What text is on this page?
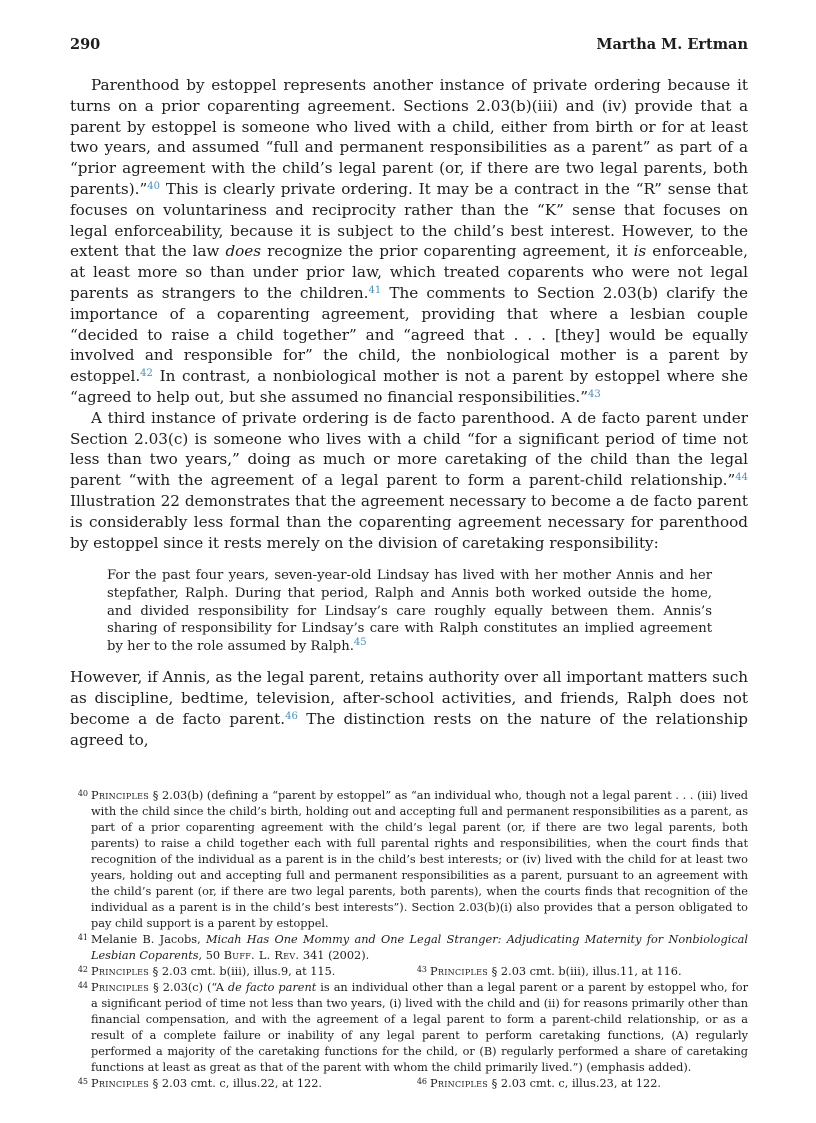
290	Martha M. Ertman

Parenthood by estoppel represents another instance of private ordering because it turns on a prior coparenting agreement. Sections 2.03(b)(iii) and (iv) provide that a parent by estoppel is someone who lived with a child, either from birth or for at least two years, and assumed “full and permanent responsibilities as a parent” as part of a “prior agreement with the child’s legal parent (or, if there are two legal parents, both parents).”$^{40}$ This is clearly private ordering. It may be a contract in the “R” sense that focuses on voluntariness and reciprocity rather than the “K” sense that focuses on legal enforceability, because it is subject to the child’s best interest. However, to the extent that the law does recognize the prior coparenting agreement, it is enforceable, at least more so than under prior law, which treated coparents who were not legal parents as strangers to the children.$^{41}$ The comments to Section 2.03(b) clarify the importance of a coparenting agreement, providing that where a lesbian couple “decided to raise a child together” and “agreed that . . . [they] would be equally involved and responsible for” the child, the nonbiological mother is a parent by estoppel.$^{42}$ In contrast, a nonbiological mother is not a parent by estoppel where she “agreed to help out, but she assumed no financial responsibilities.”$^{43}$

A third instance of private ordering is de facto parenthood. A de facto parent under Section 2.03(c) is someone who lives with a child “for a significant period of time not less than two years,” doing as much or more caretaking of the child than the legal parent “with the agreement of a legal parent to form a parent-child relationship.”$^{44}$ Illustration 22 demonstrates that the agreement necessary to become a de facto parent is considerably less formal than the coparenting agreement necessary for parenthood by estoppel since it rests merely on the division of caretaking responsibility:

For the past four years, seven-year-old Lindsay has lived with her mother Annis and her stepfather, Ralph. During that period, Ralph and Annis both worked outside the home, and divided responsibility for Lindsay’s care roughly equally between them. Annis’s sharing of responsibility for Lindsay’s care with Ralph constitutes an implied agreement by her to the role assumed by Ralph.$^{45}$

However, if Annis, as the legal parent, retains authority over all important matters such as discipline, bedtime, television, after-school activities, and friends, Ralph does not become a de facto parent.$^{46}$ The distinction rests on the nature of the relationship agreed to,

40 Principles § 2.03(b) (defining a “parent by estoppel” as “an individual who, though not a legal parent . . . (iii) lived with the child since the child’s birth, holding out and accepting full and permanent responsibilities as a parent, as part of a prior coparenting agreement with the child’s legal parent (or, if there are two legal parents, both parents) to raise a child together each with full parental rights and responsibilities, when the court finds that recognition of the individual as a parent is in the child’s best interests; or (iv) lived with the child for at least two years, holding out and accepting full and permanent responsibilities as a parent, pursuant to an agreement with the child’s parent (or, if there are two legal parents, both parents), when the courts finds that recognition of the individual as a parent is in the child’s best interests”). Section 2.03(b)(i) also provides that a person obligated to pay child support is a parent by estoppel.
41 Melanie B. Jacobs, Micah Has One Mommy and One Legal Stranger: Adjudicating Maternity for Nonbiological Lesbian Coparents, 50 Buff. L. Rev. 341 (2002).
42 Principles § 2.03 cmt. b(iii), illus.9, at 115.	43 Principles § 2.03 cmt. b(iii), illus.11, at 116.
44 Principles § 2.03(c) (“A de facto parent is an individual other than a legal parent or a parent by estoppel who, for a significant period of time not less than two years, (i) lived with the child and (ii) for reasons primarily other than financial compensation, and with the agreement of a legal parent to form a parent-child relationship, or as a result of a complete failure or inability of any legal parent to perform caretaking functions, (A) regularly performed a majority of the caretaking functions for the child, or (B) regularly performed a share of caretaking functions at least as great as that of the parent with whom the child primarily lived.”) (emphasis added).
45 Principles § 2.03 cmt. c, illus.22, at 122.	46 Principles § 2.03 cmt. c, illus.23, at 122.
